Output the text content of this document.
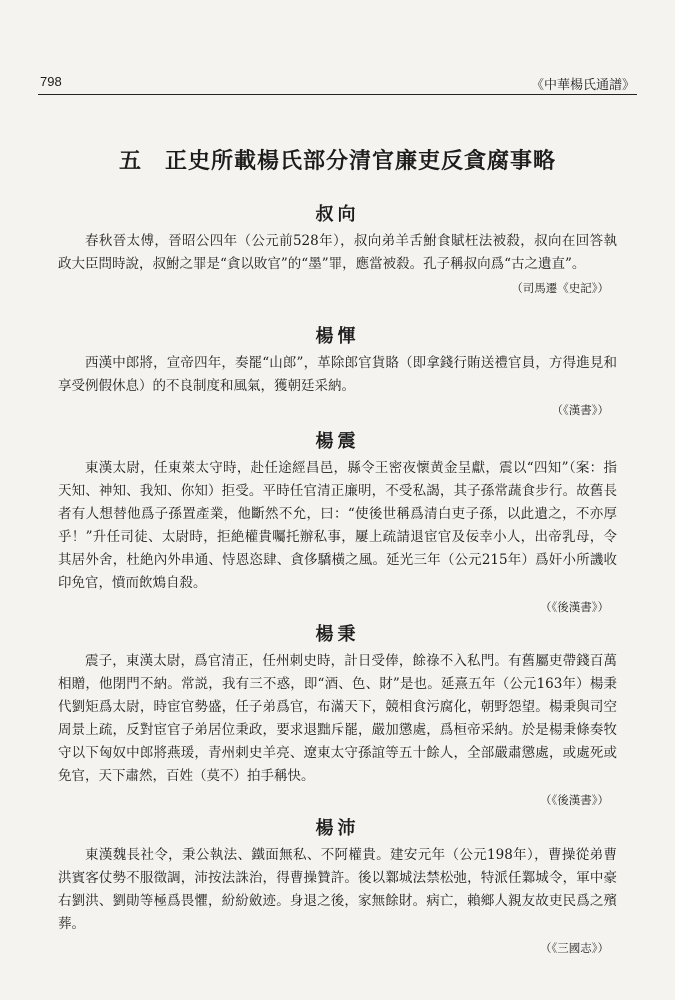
798	《中華楊氏通譜》
五　正史所載楊氏部分清官廉吏反貪腐事略
叔向
春秋晉太傅，晉昭公四年（公元前528年），叔向弟羊舌鮒食賦枉法被殺，叔向在回答執政大臣問時說，叔鮒之罪是“貪以敗官”的“墨”罪，應當被殺。孔子稱叔向爲“古之遺直”。
（司馬遷《史記》）
楊惲
西漢中郎將，宣帝四年，奏罷“山郎”，革除郎官貨賂（即拿錢行賄送禮官員，方得進見和享受例假休息）的不良制度和風氣，獲朝廷采納。
（《漢書》）
楊震
東漢太尉，任東萊太守時，赴任途經昌邑，縣令王密夜懷黄金呈獻，震以“四知”（案：指天知、神知、我知、你知）拒受。平時任官清正廉明，不受私謁，其子孫常蔬食步行。故舊長者有人想替他爲子孫置產業，他斷然不允，曰：“使後世稱爲清白吏子孫，以此遺之，不亦厚乎！”升任司徒、太尉時，拒絶權貴囑托辦私事，屢上疏請退宦官及佞幸小人，出帝乳母，令其居外舍，杜絶內外串通、恃恩恣肆、貪侈驕橫之風。延光三年（公元215年）爲奸小所譏收印免官，憤而飲鴆自殺。
（《後漢書》）
楊秉
震子，東漢太尉，爲官清正，任州刺史時，計日受俸，餘祿不入私門。有舊屬吏帶錢百萬相贈，他閉門不納。常説，我有三不惑，即“酒、色、財”是也。延熹五年（公元163年）楊秉代劉矩爲太尉，時宦官勢盛，任子弟爲官，布滿天下，競相食污腐化，朝野怨望。楊秉與司空周景上疏，反對宦官子弟居位秉政，要求退黜斥罷，嚴加懲處，爲桓帝采納。於是楊秉條奏牧守以下匈奴中郎將燕瑗，青州刺史羊亮、遼東太守孫誼等五十餘人，全部嚴肅懲處，或處死或免官，天下肅然，百姓（莫不）拍手稱快。
（《後漢書》）
楊沛
東漢魏長社令，秉公執法、鐵面無私、不阿權貴。建安元年（公元198年），曹操從弟曹洪賓客仗勢不服徵調，沛按法誅治，得曹操贊許。後以鄴城法禁松弛，特派任鄴城令，軍中豪右劉洪、劉勛等極爲畏懼，紛紛斂迹。身退之後，家無餘財。病亡，賴鄉人親友故吏民爲之殯葬。
（《三國志》）
